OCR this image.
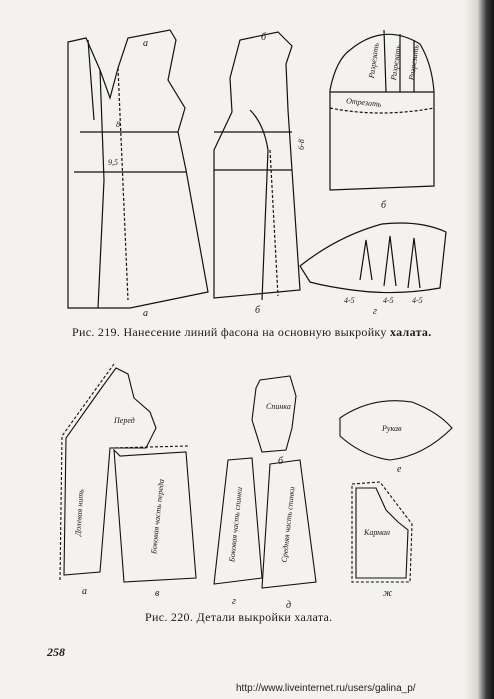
а
б
а	б
б
г
8
9,5
6-8
Разрезать Разрезать Разрезать
Отрезать
4-5	4-5 4-5
Рис. 219. Нанесение линий фасона на основную выкройку халата.
Перед
Спинка
Рукав
Карман
Долевая нить	Боковая часть переда	Боковая часть спинки	Средняя часть спинки
а	в
г	д
б
е
ж
Рис. 220. Детали выкройки халата.
258
http://www.liveinternet.ru/users/galina_p/
